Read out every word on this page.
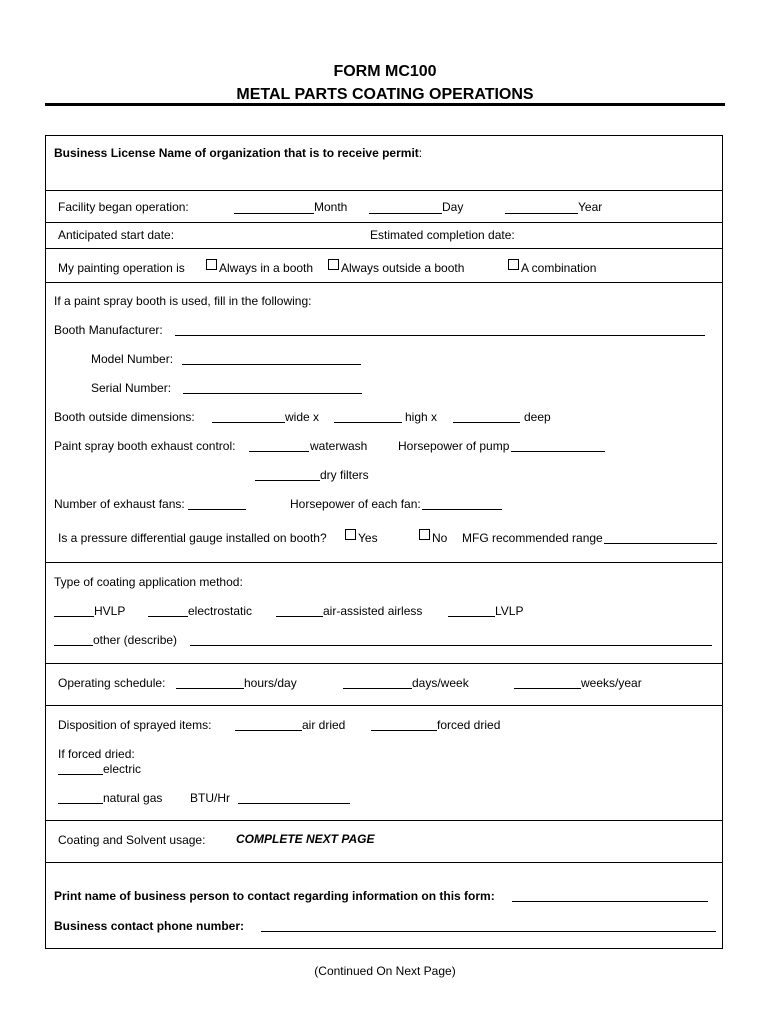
FORM MC100
METAL PARTS COATING OPERATIONS
Business License Name of organization that is to receive permit:
Facility began operation:	Month	Day	Year
Anticipated start date:	Estimated completion date:
My painting operation is	Always in a booth Always outside a booth	A combination
If a paint spray booth is used, fill in the following:
Booth Manufacturer:
Model Number:
Serial Number:
Booth outside dimensions:	wide x	high x	deep
Paint spray booth exhaust control:	waterwash	Horsepower of pump
dry filters
Number of exhaust fans:	Horsepower of each fan:
Is a pressure differential gauge installed on booth?	Yes	No MFG recommended range
Type of coating application method:
HVLP	electrostatic	air-assisted airless	LVLP
other (describe)
Operating schedule:	hours/day	days/week	weeks/year
Disposition of sprayed items:	air dried	forced dried
If forced dried:
electric
natural gas BTU/Hr
Coating and Solvent usage:	COMPLETE NEXT PAGE
Print name of business person to contact regarding information on this form:
Business contact phone number:
(Continued On Next Page)
